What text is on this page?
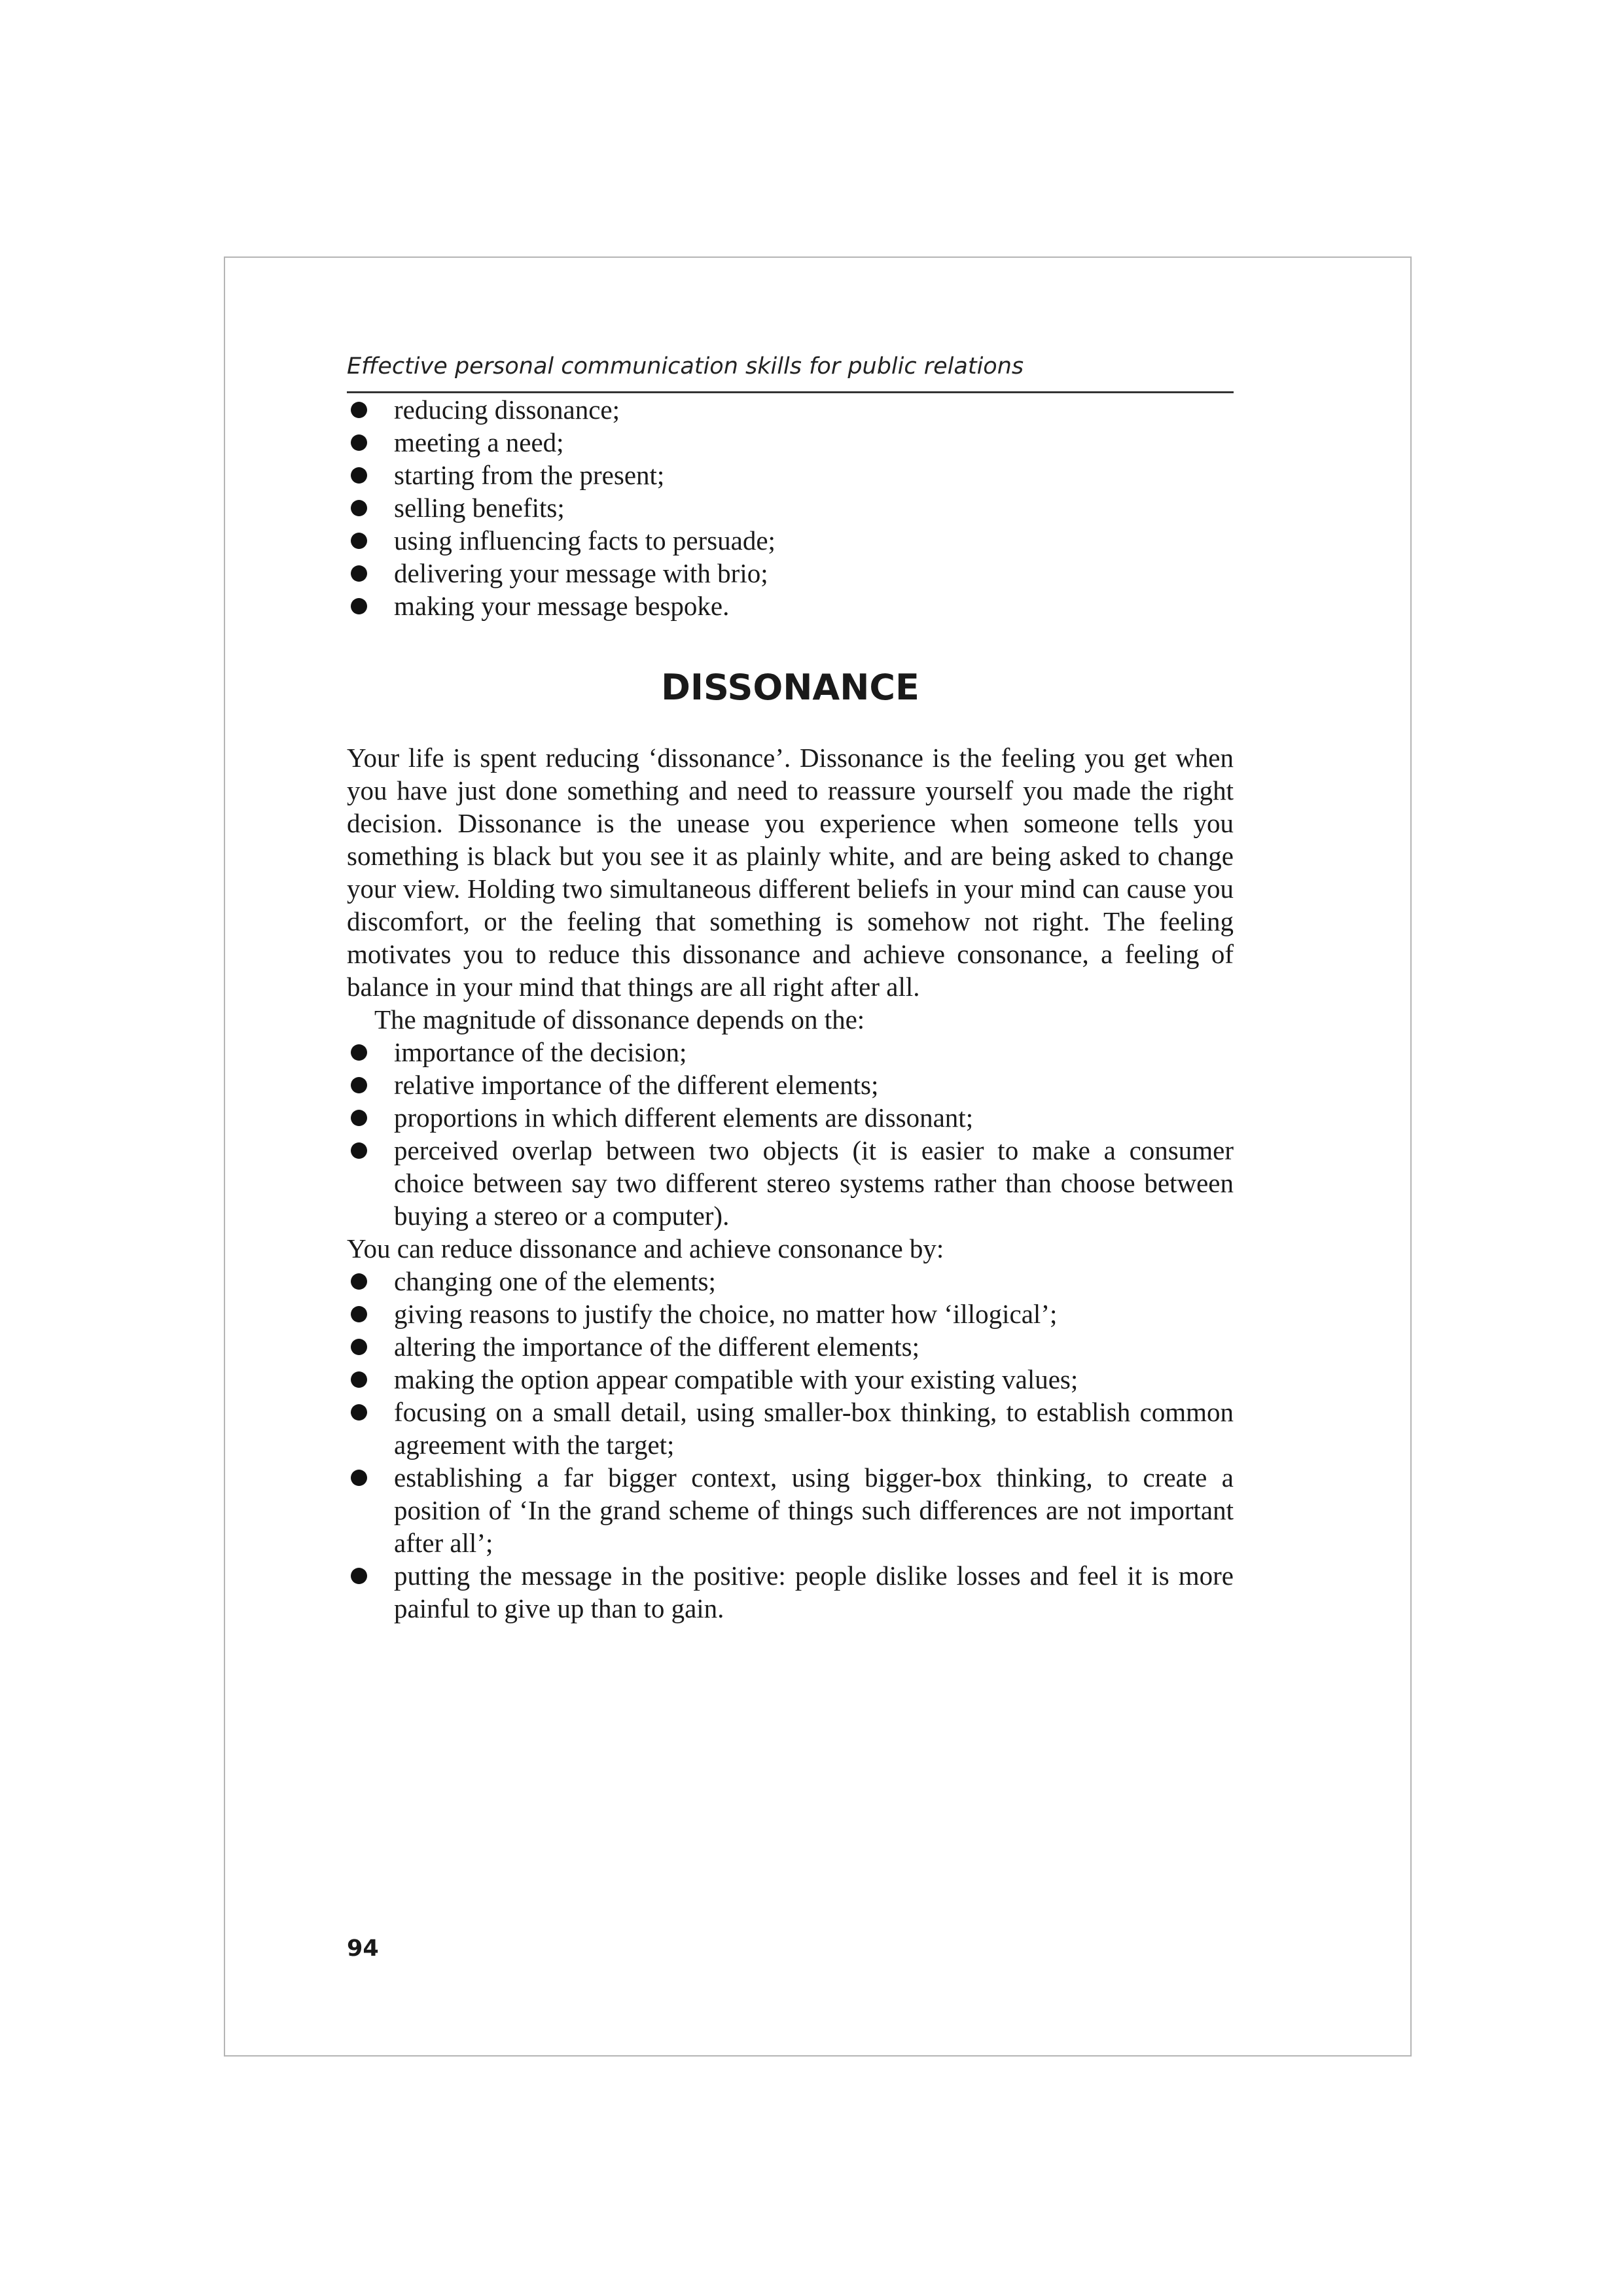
Effective personal communication skills for public relations

reducing dissonance;
meeting a need;
starting from the present;
selling benefits;
using influencing facts to persuade;
delivering your message with brio;
making your message bespoke.
DISSONANCE

Your life is spent reducing ‘dissonance’. Dissonance is the feeling you get when you have just done something and need to reassure yourself you made the right decision. Dissonance is the unease you experience when someone tells you something is black but you see it as plainly white, and are being asked to change your view. Holding two simultaneous different beliefs in your mind can cause you discomfort, or the feeling that something is somehow not right. The feeling motivates you to reduce this dissonance and achieve consonance, a feeling of balance in your mind that things are all right after all.

The magnitude of dissonance depends on the:

importance of the decision;
relative importance of the different elements;
proportions in which different elements are dissonant;
perceived overlap between two objects (it is easier to make a consumer choice between say two different stereo systems rather than choose between buying a stereo or a computer).

You can reduce dissonance and achieve consonance by:

changing one of the elements;
giving reasons to justify the choice, no matter how ‘illogical’;
altering the importance of the different elements;
making the option appear compatible with your existing values;
focusing on a small detail, using smaller-box thinking, to establish common agreement with the target;
establishing a far bigger context, using bigger-box thinking, to create a position of ‘In the grand scheme of things such differences are not important after all’;
putting the message in the positive: people dislike losses and feel it is more painful to give up than to gain.

94
